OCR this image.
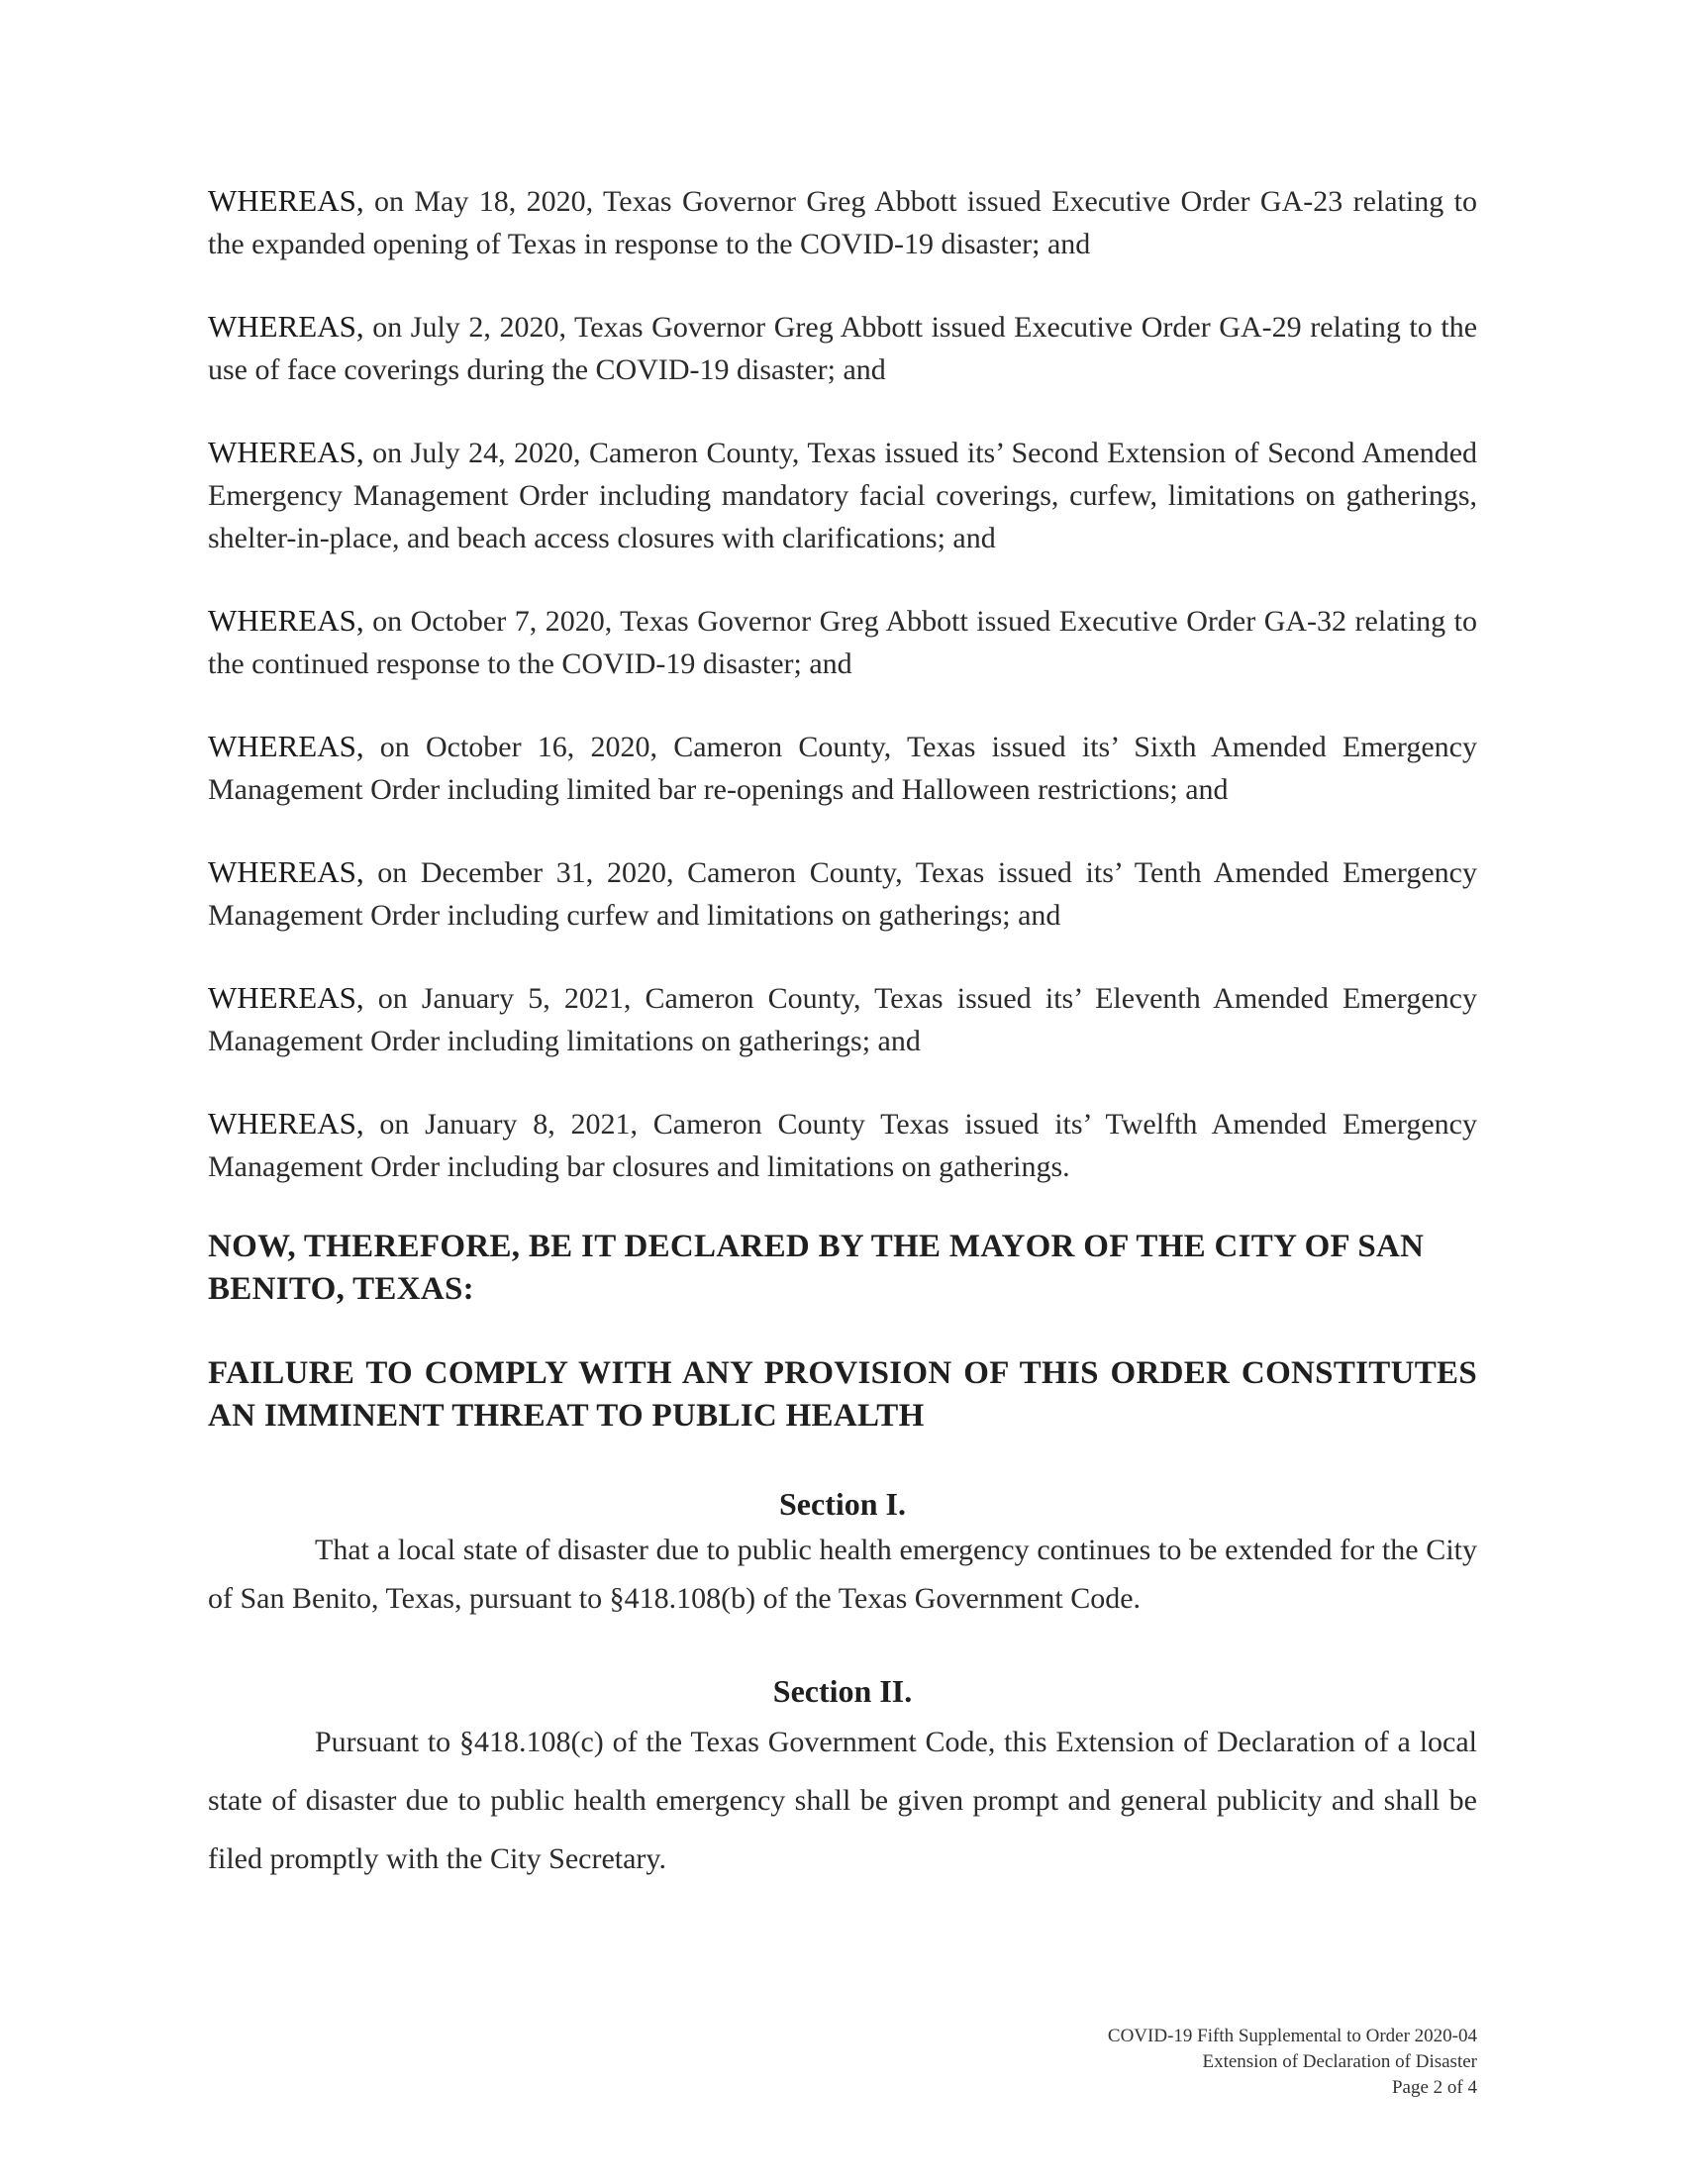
WHEREAS, on May 18, 2020, Texas Governor Greg Abbott issued Executive Order GA-23 relating to the expanded opening of Texas in response to the COVID-19 disaster; and

WHEREAS, on July 2, 2020, Texas Governor Greg Abbott issued Executive Order GA-29 relating to the use of face coverings during the COVID-19 disaster; and

WHEREAS, on July 24, 2020, Cameron County, Texas issued its’ Second Extension of Second Amended Emergency Management Order including mandatory facial coverings, curfew, limitations on gatherings, shelter-in-place, and beach access closures with clarifications; and

WHEREAS, on October 7, 2020, Texas Governor Greg Abbott issued Executive Order GA-32 relating to the continued response to the COVID-19 disaster; and

WHEREAS, on October 16, 2020, Cameron County, Texas issued its’ Sixth Amended Emergency Management Order including limited bar re-openings and Halloween restrictions; and

WHEREAS, on December 31, 2020, Cameron County, Texas issued its’ Tenth Amended Emergency Management Order including curfew and limitations on gatherings; and

WHEREAS, on January 5, 2021, Cameron County, Texas issued its’ Eleventh Amended Emergency Management Order including limitations on gatherings; and

WHEREAS, on January 8, 2021, Cameron County Texas issued its’ Twelfth Amended Emergency Management Order including bar closures and limitations on gatherings.

NOW, THEREFORE, BE IT DECLARED BY THE MAYOR OF THE CITY OF SAN BENITO, TEXAS:

FAILURE TO COMPLY WITH ANY PROVISION OF THIS ORDER CONSTITUTES AN IMMINENT THREAT TO PUBLIC HEALTH

Section I.

That a local state of disaster due to public health emergency continues to be extended for the City of San Benito, Texas, pursuant to §418.108(b) of the Texas Government Code.

Section II.

Pursuant to §418.108(c) of the Texas Government Code, this Extension of Declaration of a local state of disaster due to public health emergency shall be given prompt and general publicity and shall be filed promptly with the City Secretary.

COVID-19 Fifth Supplemental to Order 2020-04
Extension of Declaration of Disaster
Page 2 of 4
